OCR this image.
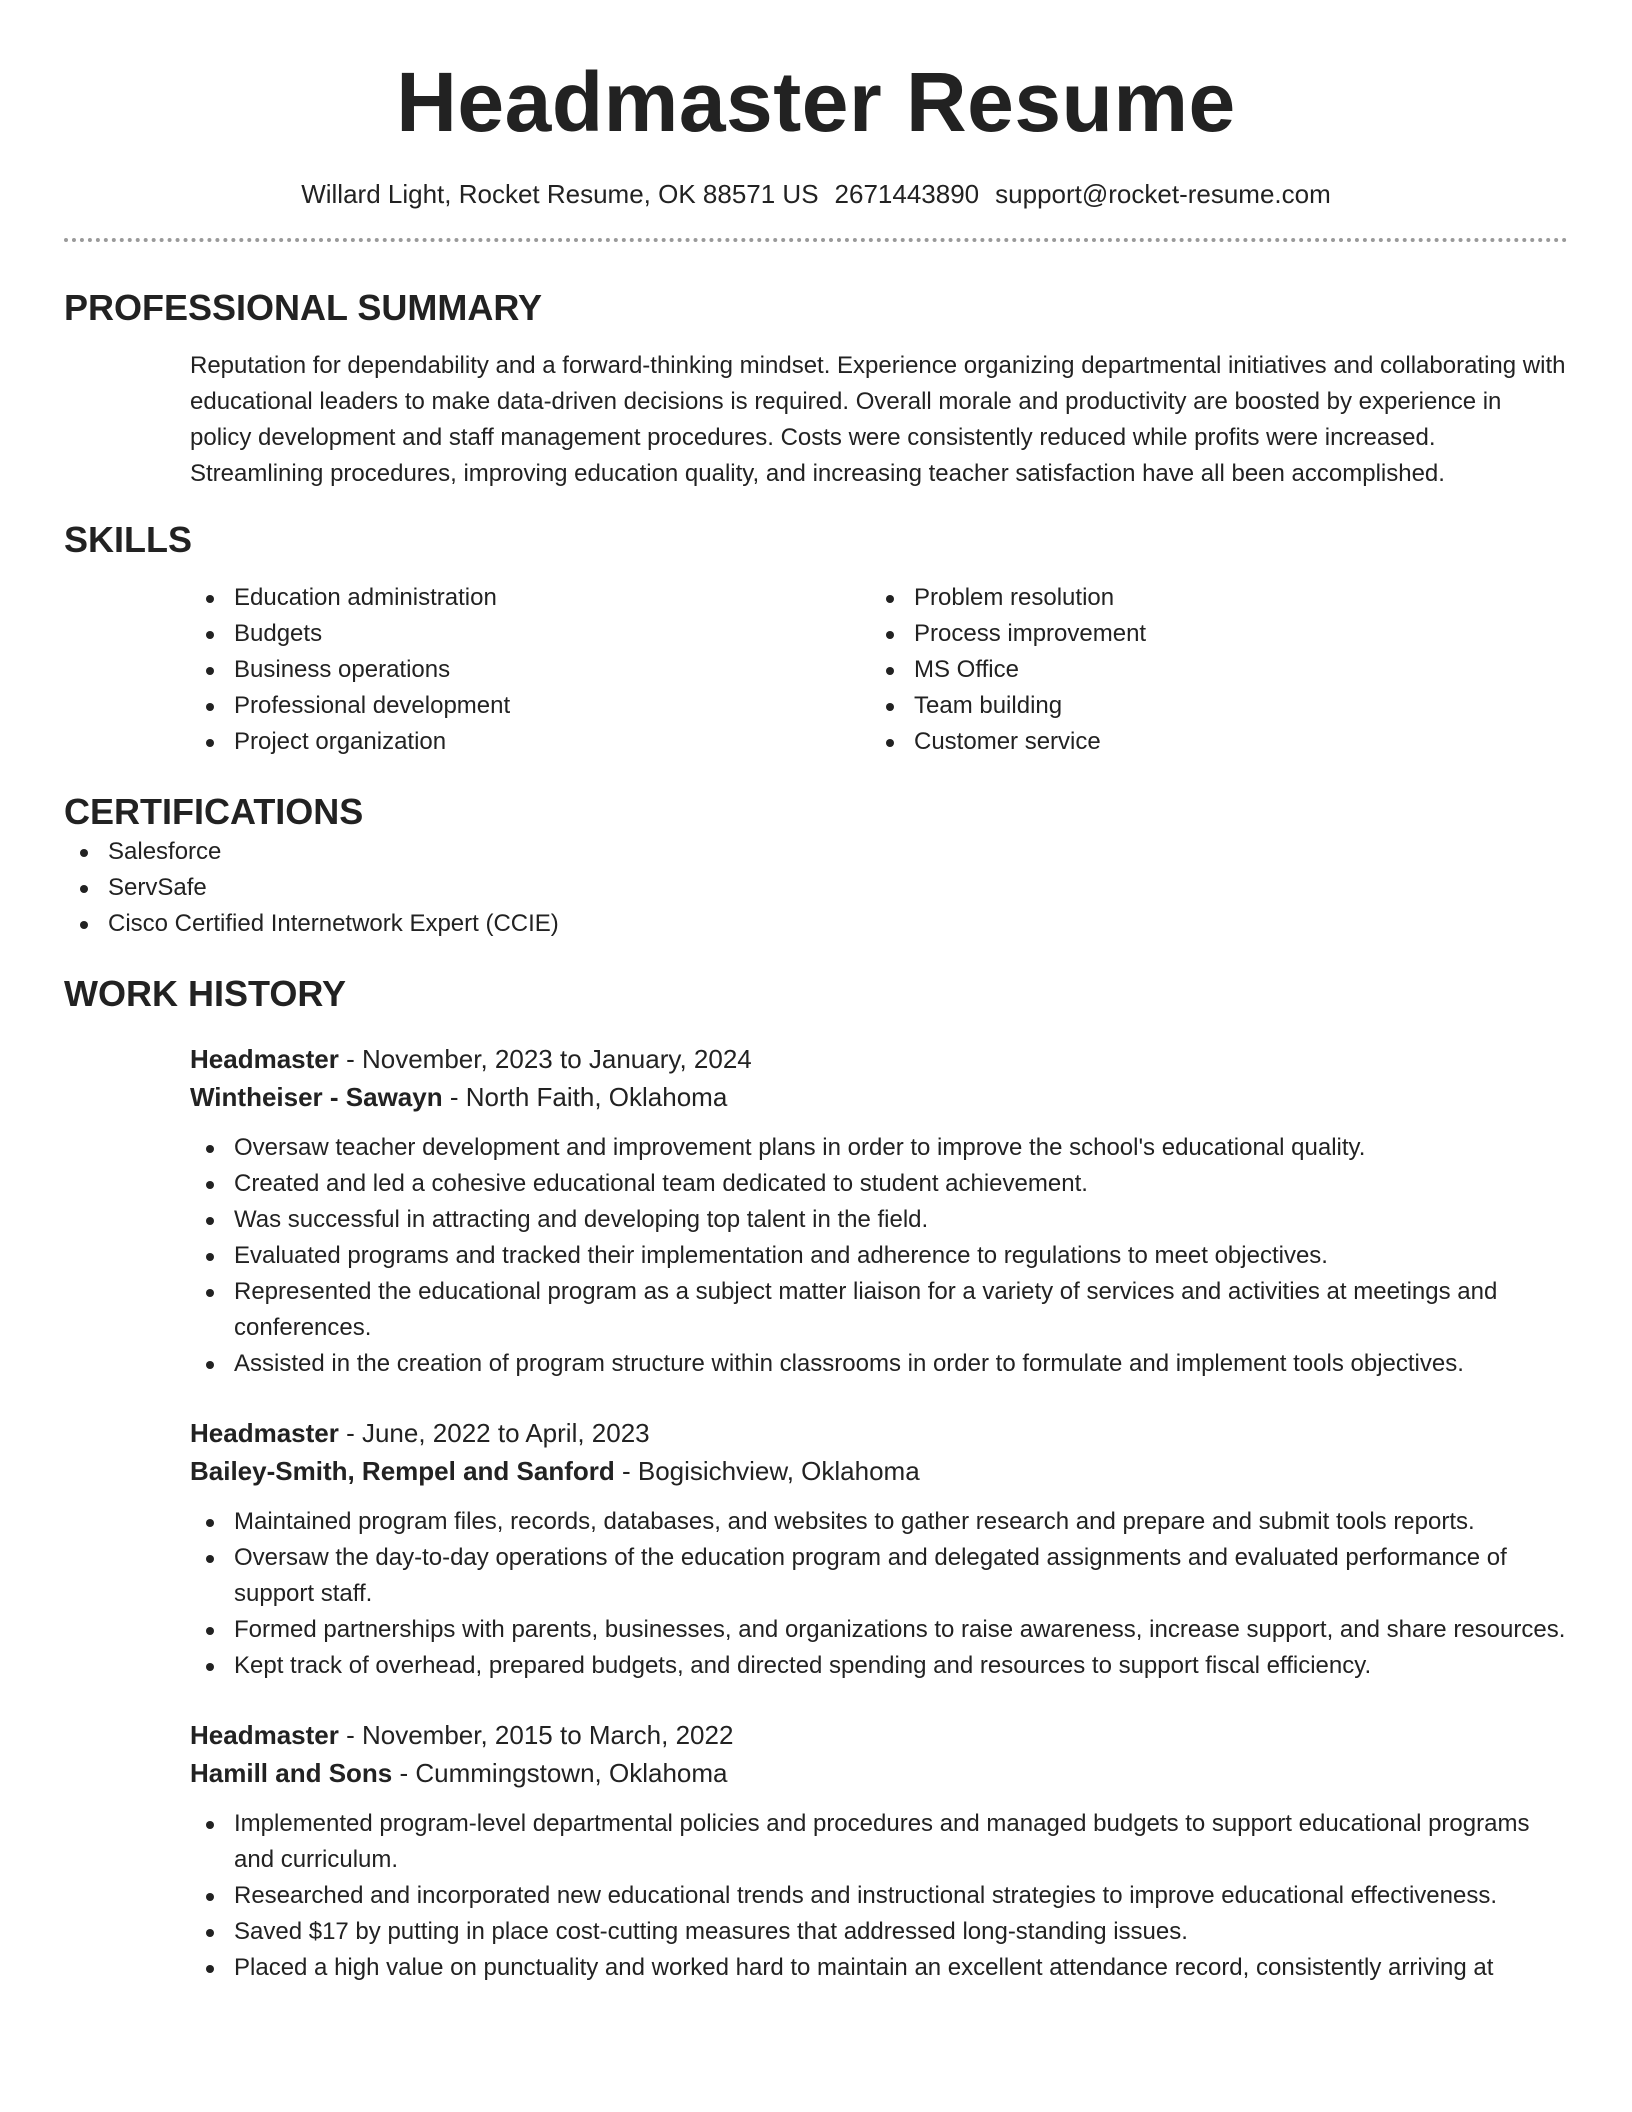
Headmaster Resume
Willard Light, Rocket Resume, OK 88571 US 2671443890 support@rocket-resume.com
PROFESSIONAL SUMMARY

Reputation for dependability and a forward-thinking mindset. Experience organizing departmental initiatives and collaborating with educational leaders to make data-driven decisions is required. Overall morale and productivity are boosted by experience in policy development and staff management procedures. Costs were consistently reduced while profits were increased. Streamlining procedures, improving education quality, and increasing teacher satisfaction have all been accomplished.

SKILLS
Education administration
Budgets
Business operations
Professional development
Project organization
Problem resolution
Process improvement
MS Office
Team building
Customer service
CERTIFICATIONS
Salesforce
ServSafe
Cisco Certified Internetwork Expert (CCIE)
WORK HISTORY
Headmaster - November, 2023 to January, 2024
Wintheiser - Sawayn - North Faith, Oklahoma
Oversaw teacher development and improvement plans in order to improve the school's educational quality.
Created and led a cohesive educational team dedicated to student achievement.
Was successful in attracting and developing top talent in the field.
Evaluated programs and tracked their implementation and adherence to regulations to meet objectives.
Represented the educational program as a subject matter liaison for a variety of services and activities at meetings and conferences.
Assisted in the creation of program structure within classrooms in order to formulate and implement tools objectives.
Headmaster - June, 2022 to April, 2023
Bailey-Smith, Rempel and Sanford - Bogisichview, Oklahoma
Maintained program files, records, databases, and websites to gather research and prepare and submit tools reports.
Oversaw the day-to-day operations of the education program and delegated assignments and evaluated performance of support staff.
Formed partnerships with parents, businesses, and organizations to raise awareness, increase support, and share resources.
Kept track of overhead, prepared budgets, and directed spending and resources to support fiscal efficiency.
Headmaster - November, 2015 to March, 2022
Hamill and Sons - Cummingstown, Oklahoma
Implemented program-level departmental policies and procedures and managed budgets to support educational programs and curriculum.
Researched and incorporated new educational trends and instructional strategies to improve educational effectiveness.
Saved $17 by putting in place cost-cutting measures that addressed long-standing issues.
Placed a high value on punctuality and worked hard to maintain an excellent attendance record, consistently arriving at
